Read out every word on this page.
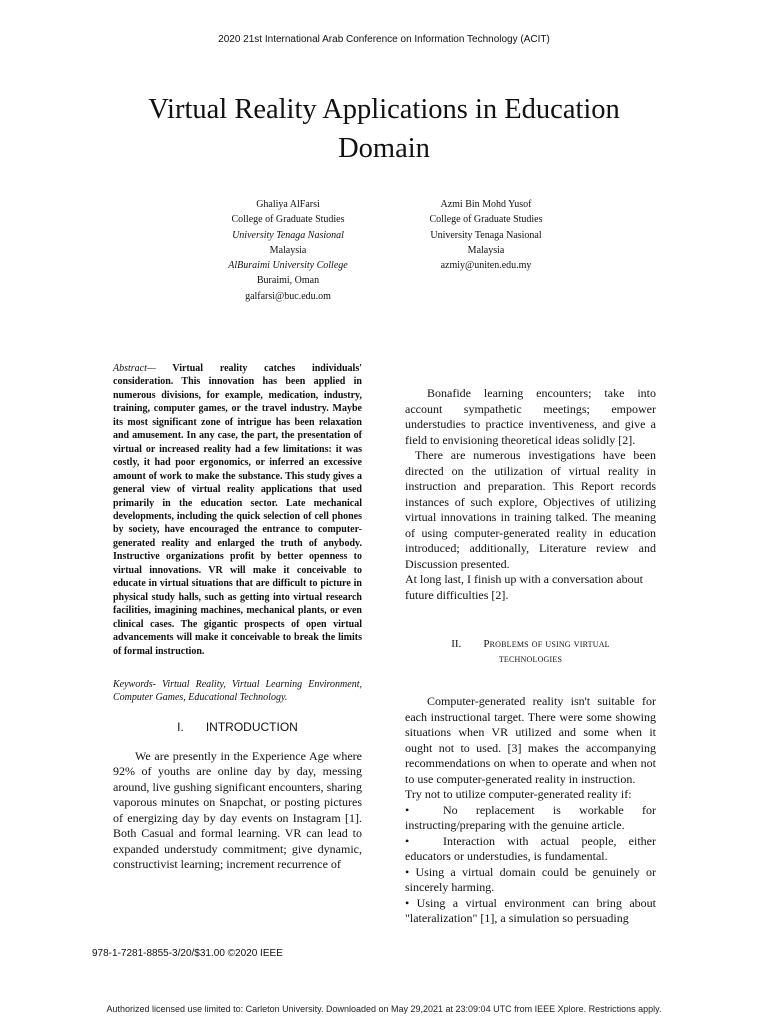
2020 21st International Arab Conference on Information Technology (ACIT)
Virtual Reality Applications in Education
Domain
Ghaliya AlFarsi
College of Graduate Studies
University Tenaga Nasional
Malaysia
AlBuraimi University College
Buraimi, Oman
galfarsi@buc.edu.om
Azmi Bin Mohd Yusof
College of Graduate Studies
University Tenaga Nasional
Malaysia
azmiy@uniten.edu.my

Abstract— Virtual reality catches individuals' consideration. This innovation has been applied in numerous divisions, for example, medication, industry, training, computer games, or the travel industry. Maybe its most significant zone of intrigue has been relaxation and amusement. In any case, the part, the presentation of virtual or increased reality had a few limitations: it was costly, it had poor ergonomics, or inferred an excessive amount of work to make the substance. This study gives a general view of virtual reality applications that used primarily in the education sector. Late mechanical developments, including the quick selection of cell phones by society, have encouraged the entrance to computer-generated reality and enlarged the truth of anybody. Instructive organizations profit by better openness to virtual innovations. VR will make it conceivable to educate in virtual situations that are difficult to picture in physical study halls, such as getting into virtual research facilities, imagining machines, mechanical plants, or even clinical cases. The gigantic prospects of open virtual advancements will make it conceivable to break the limits of formal instruction.

Keywords- Virtual Reality, Virtual Learning Environment, Computer Games, Educational Technology.

I. INTRODUCTION

We are presently in the Experience Age where 92% of youths are online day by day, messing around, live gushing significant encounters, sharing vaporous minutes on Snapchat, or posting pictures of energizing day by day events on Instagram [1]. Both Casual and formal learning. VR can lead to expanded understudy commitment; give dynamic, constructivist learning; increment recurrence of

Bonafide learning encounters; take into account sympathetic meetings; empower understudies to practice inventiveness, and give a field to envisioning theoretical ideas solidly [2].

There are numerous investigations have been directed on the utilization of virtual reality in instruction and preparation. This Report records instances of such explore, Objectives of utilizing virtual innovations in training talked. The meaning of using computer-generated reality in education introduced; additionally, Literature review and Discussion presented.

At long last, I finish up with a conversation about future difficulties [2].

II. Problems of using virtual
technologies

Computer-generated reality isn't suitable for each instructional target. There were some showing situations when VR utilized and some when it ought not to used. [3] makes the accompanying recommendations on when to operate and when not to use computer-generated reality in instruction.

Try not to utilize computer-generated reality if:

•	No replacement is workable for instructing/preparing with the genuine article.

•	Interaction with actual people, either educators or understudies, is fundamental.

• Using a virtual domain could be genuinely or sincerely harming.

• Using a virtual environment can bring about "lateralization" [1], a simulation so persuading

978-1-7281-8855-3/20/$31.00 ©2020 IEEE
Authorized licensed use limited to: Carleton University. Downloaded on May 29,2021 at 23:09:04 UTC from IEEE Xplore. Restrictions apply.
